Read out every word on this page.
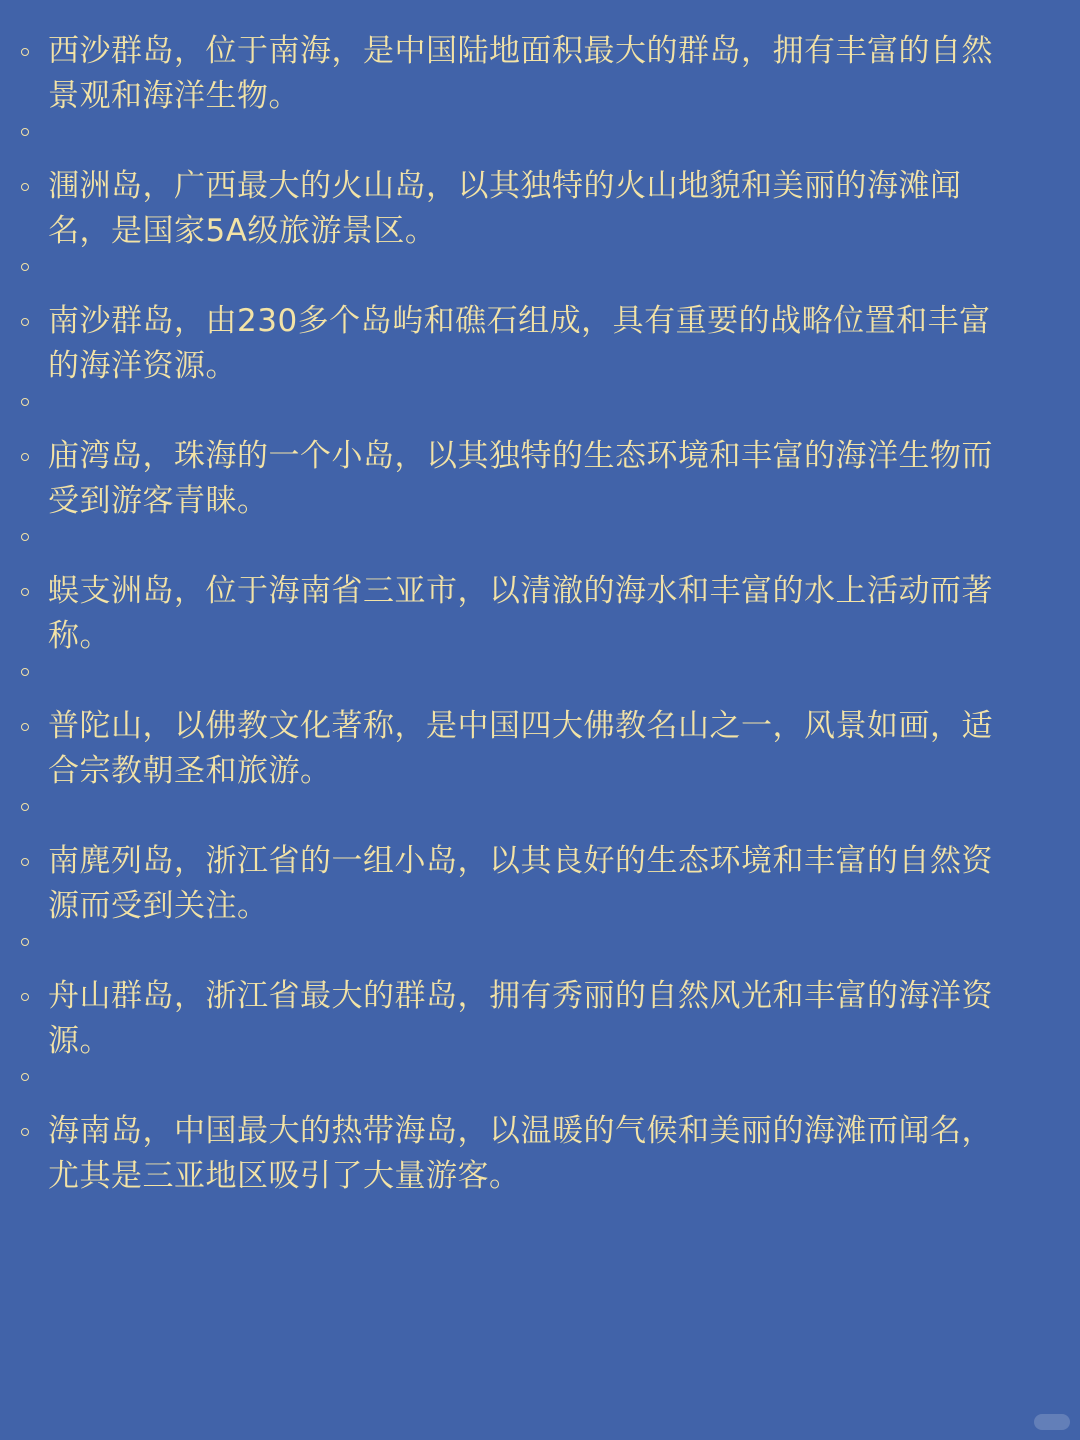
西沙群岛，位于南海，是中国陆地面积最大的群岛，拥有丰富的自然景观和海洋生物。
涠洲岛，广西最大的火山岛，以其独特的火山地貌和美丽的海滩闻名，是国家5A级旅游景区。
南沙群岛，由230多个岛屿和礁石组成，具有重要的战略位置和丰富的海洋资源。
庙湾岛，珠海的一个小岛，以其独特的生态环境和丰富的海洋生物而受到游客青睐。
蜈支洲岛，位于海南省三亚市，以清澈的海水和丰富的水上活动而著称。
普陀山，以佛教文化著称，是中国四大佛教名山之一，风景如画，适合宗教朝圣和旅游。
南麂列岛，浙江省的一组小岛，以其良好的生态环境和丰富的自然资源而受到关注。
舟山群岛，浙江省最大的群岛，拥有秀丽的自然风光和丰富的海洋资源。
海南岛，中国最大的热带海岛，以温暖的气候和美丽的海滩而闻名，尤其是三亚地区吸引了大量游客。
